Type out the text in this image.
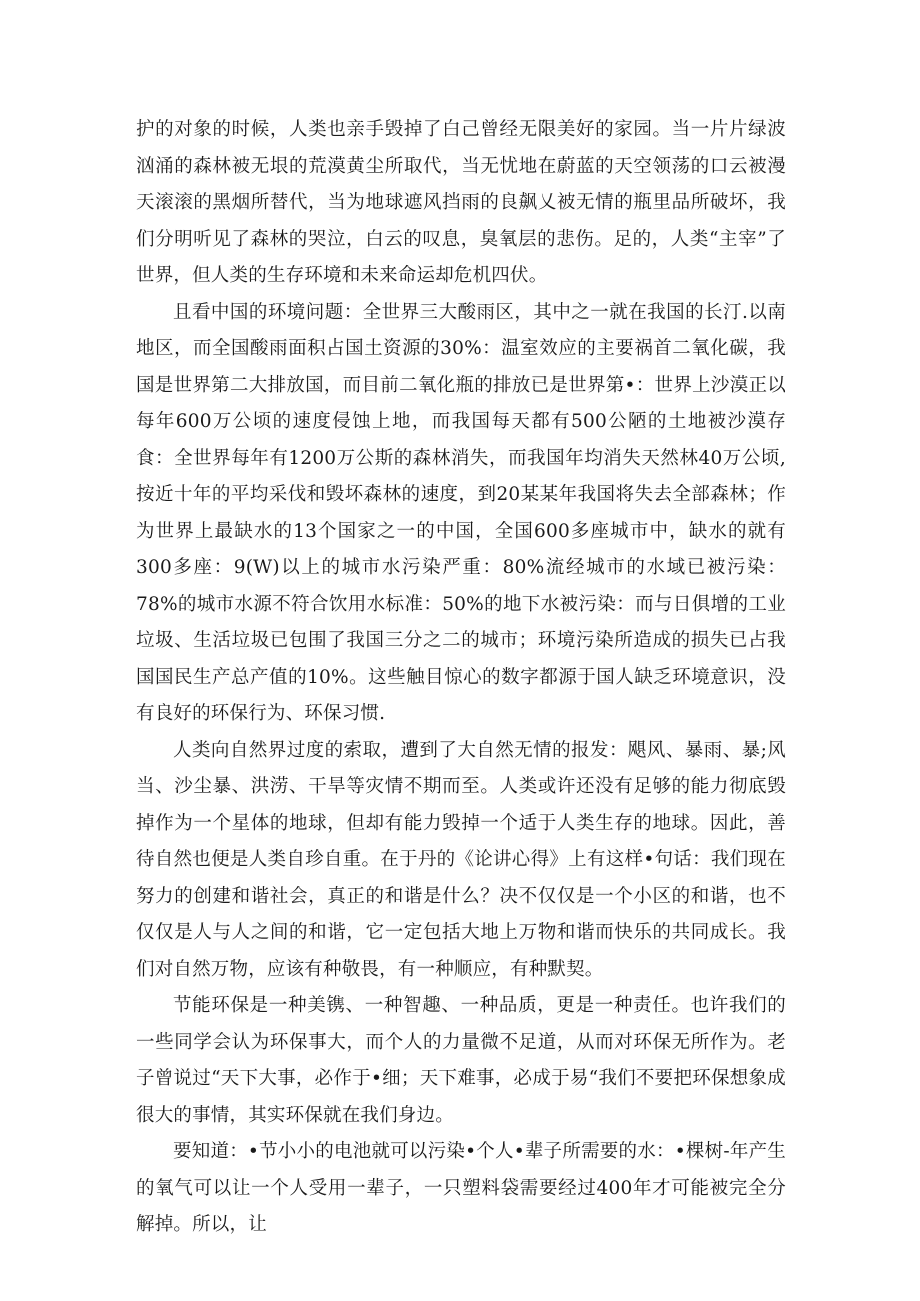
护的对象的时候，人类也亲手毁掉了白己曾经无限美好的家园。当一片片绿波汹涌的森林被无垠的荒漠黄尘所取代，当无忧地在蔚蓝的天空领荡的口云被漫天滚滚的黑烟所替代，当为地球遮风挡雨的良飙乂被无情的瓶里品所破坏，我们分明听见了森林的哭泣，白云的叹息，臭氧层的悲伤。足的，人类“主宰”了世界，但人类的生存环境和未来命运却危机四伏。

且看中国的环境问题：全世界三大酸雨区，其中之一就在我国的长汀.以南地区，而全国酸雨面积占国土资源的30%：温室效应的主要祸首二氧化碳，我国是世界第二大排放国，而目前二氧化瓶的排放已是世界第•：世界上沙漠正以每年600万公顷的速度侵蚀上地，而我国每天都有500公陋的土地被沙漠存食：全世界每年有1200万公斯的森林消失，而我国年均消失天然林40万公顷,按近十年的平均采伐和毁坏森林的速度，到20某某年我国将失去全部森林；作为世界上最缺水的13个国家之一的中国，全国600多座城市中，缺水的就有300多座：9(W)以上的城市水污染严重：80%流经城市的水域已被污染：78%的城市水源不符合饮用水标准：50%的地下水被污染：而与日俱增的工业垃圾、生活垃圾已包围了我国三分之二的城市；环境污染所造成的损失已占我国国民生产总产值的10%。这些触目惊心的数字都源于国人缺乏环境意识，没有良好的环保行为、环保习惯.

人类向自然界过度的索取，遭到了大自然无情的报发：飓风、暴雨、暴;风当、沙尘暴、洪涝、干旱等灾情不期而至。人类或许还没有足够的能力彻底毁掉作为一个星体的地球，但却有能力毁掉一个适于人类生存的地球。因此，善待自然也便是人类自珍自重。在于丹的《论讲心得》上有这样•句话：我们现在努力的创建和谐社会，真正的和谐是什么？决不仅仅是一个小区的和谐，也不仅仅是人与人之间的和谐，它一定包括大地上万物和谐而快乐的共同成长。我们对自然万物，应该有种敬畏，有一种顺应，有种默契。

节能环保是一种美镌、一种智趣、一种品质，更是一种责任。也许我们的一些同学会认为环保事大，而个人的力量微不足道，从而对环保无所作为。老子曾说过“天下大事，必作于•细；天下难事，必成于易“我们不要把环保想象成很大的事情，其实环保就在我们身边。

要知道：•节小小的电池就可以污染•个人•辈子所需要的水：•棵树-年产生的氧气可以让一个人受用一辈子，一只塑料袋需要经过400年才可能被完全分解掉。所以，让
